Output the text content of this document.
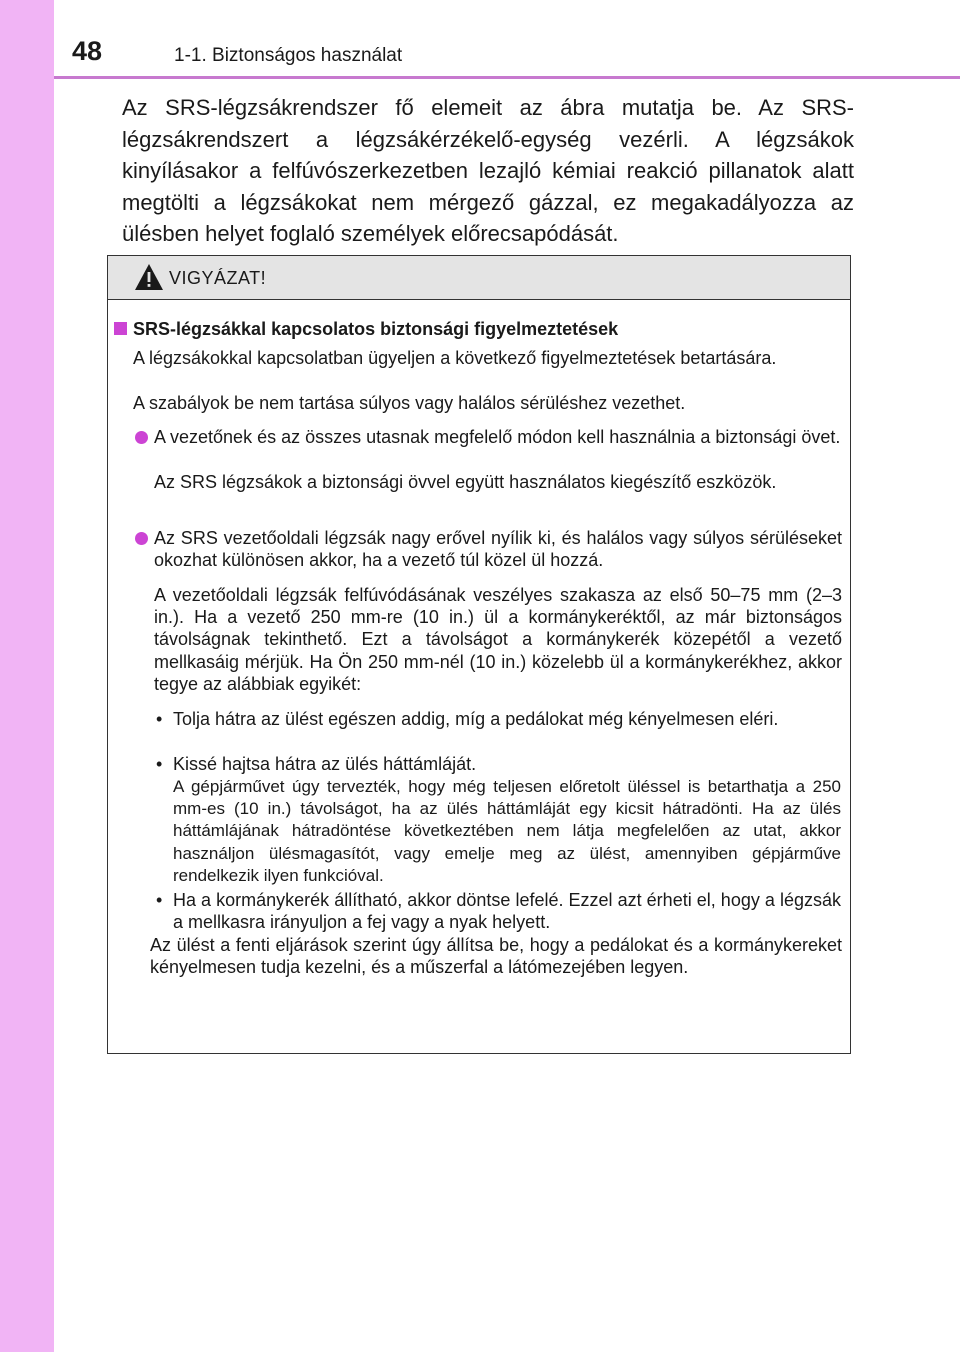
48	1-1. Biztonságos használat

Az SRS-légzsákrendszer fő elemeit az ábra mutatja be. Az SRS-légzsákrendszert a légzsákérzékelő-egység vezérli. A légzsákok kinyílásakor a felfúvószerkezetben lezajló kémiai reakció pillanatok alatt megtölti a légzsákokat nem mérgező gázzal, ez megakadályozza az ülésben helyet foglaló személyek előrecsapódását.

VIGYÁZAT!
SRS-légzsákkal kapcsolatos biztonsági figyelmeztetések

A légzsákokkal kapcsolatban ügyeljen a következő figyelmeztetések betartására.

A szabályok be nem tartása súlyos vagy halálos sérüléshez vezethet.

A vezetőnek és az összes utasnak megfelelő módon kell használnia a biztonsági övet.

Az SRS légzsákok a biztonsági övvel együtt használatos kiegészítő eszközök.

Az SRS vezetőoldali légzsák nagy erővel nyílik ki, és halálos vagy súlyos sérüléseket okozhat különösen akkor, ha a vezető túl közel ül hozzá.

A vezetőoldali légzsák felfúvódásának veszélyes szakasza az első 50–75 mm (2–3 in.). Ha a vezető 250 mm-re (10 in.) ül a kormánykeréktől, az már biztonságos távolságnak tekinthető. Ezt a távolságot a kormánykerék közepétől a vezető mellkasáig mérjük. Ha Ön 250 mm-nél (10 in.) közelebb ül a kormánykerékhez, akkor tegye az alábbiak egyikét:

• Tolja hátra az ülést egészen addig, míg a pedálokat még kényelmesen eléri.

• Kissé hajtsa hátra az ülés háttámláját.

A gépjárművet úgy tervezték, hogy még teljesen előretolt üléssel is betarthatja a 250 mm-es (10 in.) távolságot, ha az ülés háttámláját egy kicsit hátradönti. Ha az ülés háttámlájának hátradöntése következtében nem látja megfelelően az utat, akkor használjon ülésmagasítót, vagy emelje meg az ülést, amennyiben gépjárműve rendelkezik ilyen funkcióval.

• Ha a kormánykerék állítható, akkor döntse lefelé. Ezzel azt érheti el, hogy a légzsák a mellkasra irányuljon a fej vagy a nyak helyett.

Az ülést a fenti eljárások szerint úgy állítsa be, hogy a pedálokat és a kormánykereket kényelmesen tudja kezelni, és a műszerfal a látómezejében legyen.
